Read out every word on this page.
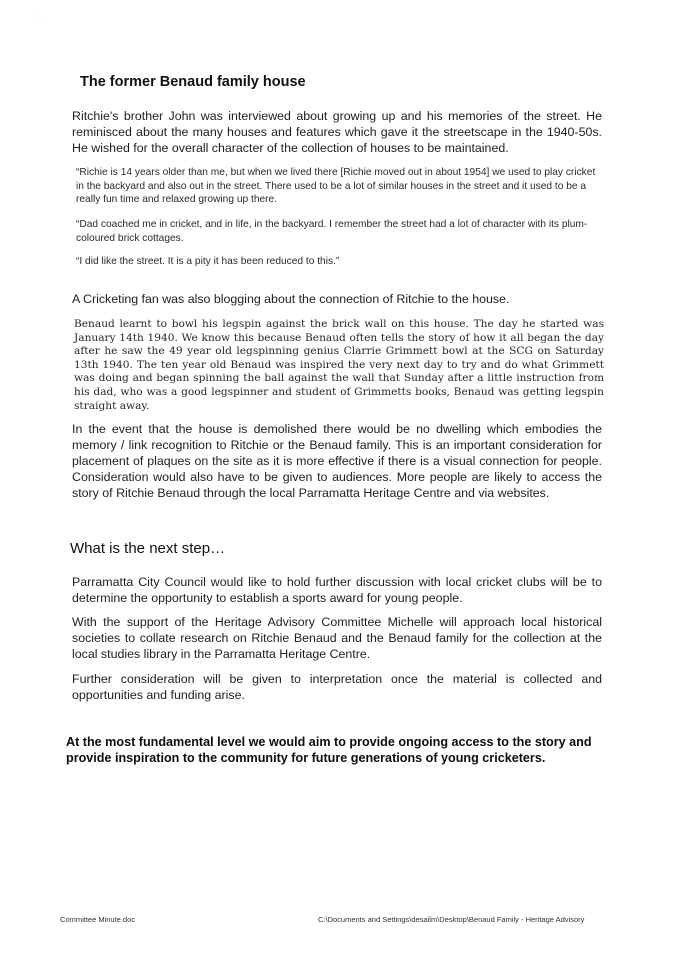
· ˙ .
The former Benaud family house

Ritchie's brother John was interviewed about growing up and his memories of the street. He reminisced about the many houses and features which gave it the streetscape in the 1940-50s. He wished for the overall character of the collection of houses to be maintained.

“Richie is 14 years older than me, but when we lived there [Richie moved out in about 1954] we used to play cricket in the backyard and also out in the street. There used to be a lot of similar houses in the street and it used to be a really fun time and relaxed growing up there.

“Dad coached me in cricket, and in life, in the backyard. I remember the street had a lot of character with its plum-coloured brick cottages.

“I did like the street. It is a pity it has been reduced to this.”

A Cricketing fan was also blogging about the connection of Ritchie to the house.

Benaud learnt to bowl his legspin against the brick wall on this house. The day he started was January 14th 1940. We know this because Benaud often tells the story of how it all began the day after he saw the 49 year old legspinning genius Clarrie Grimmett bowl at the SCG on Saturday 13th 1940. The ten year old Benaud was inspired the very next day to try and do what Grimmett was doing and began spinning the ball against the wall that Sunday after a little instruction from his dad, who was a good legspinner and student of Grimmetts books, Benaud was getting legspin straight away.

In the event that the house is demolished there would be no dwelling which embodies the memory / link recognition to Ritchie or the Benaud family. This is an important consideration for placement of plaques on the site as it is more effective if there is a visual connection for people. Consideration would also have to be given to audiences. More people are likely to access the story of Ritchie Benaud through the local Parramatta Heritage Centre and via websites.

What is the next step…

Parramatta City Council would like to hold further discussion with local cricket clubs will be to determine the opportunity to establish a sports award for young people.

With the support of the Heritage Advisory Committee Michelle will approach local historical societies to collate research on Ritchie Benaud and the Benaud family for the collection at the local studies library in the Parramatta Heritage Centre.

Further consideration will be given to interpretation once the material is collected and opportunities and funding arise.

At the most fundamental level we would aim to provide ongoing access to the story and provide inspiration to the community for future generations of young cricketers.

Committee Minute.doc	C:\Documents and Settings\desailm\Desktop\Benaud Family - Heritage Advisory
